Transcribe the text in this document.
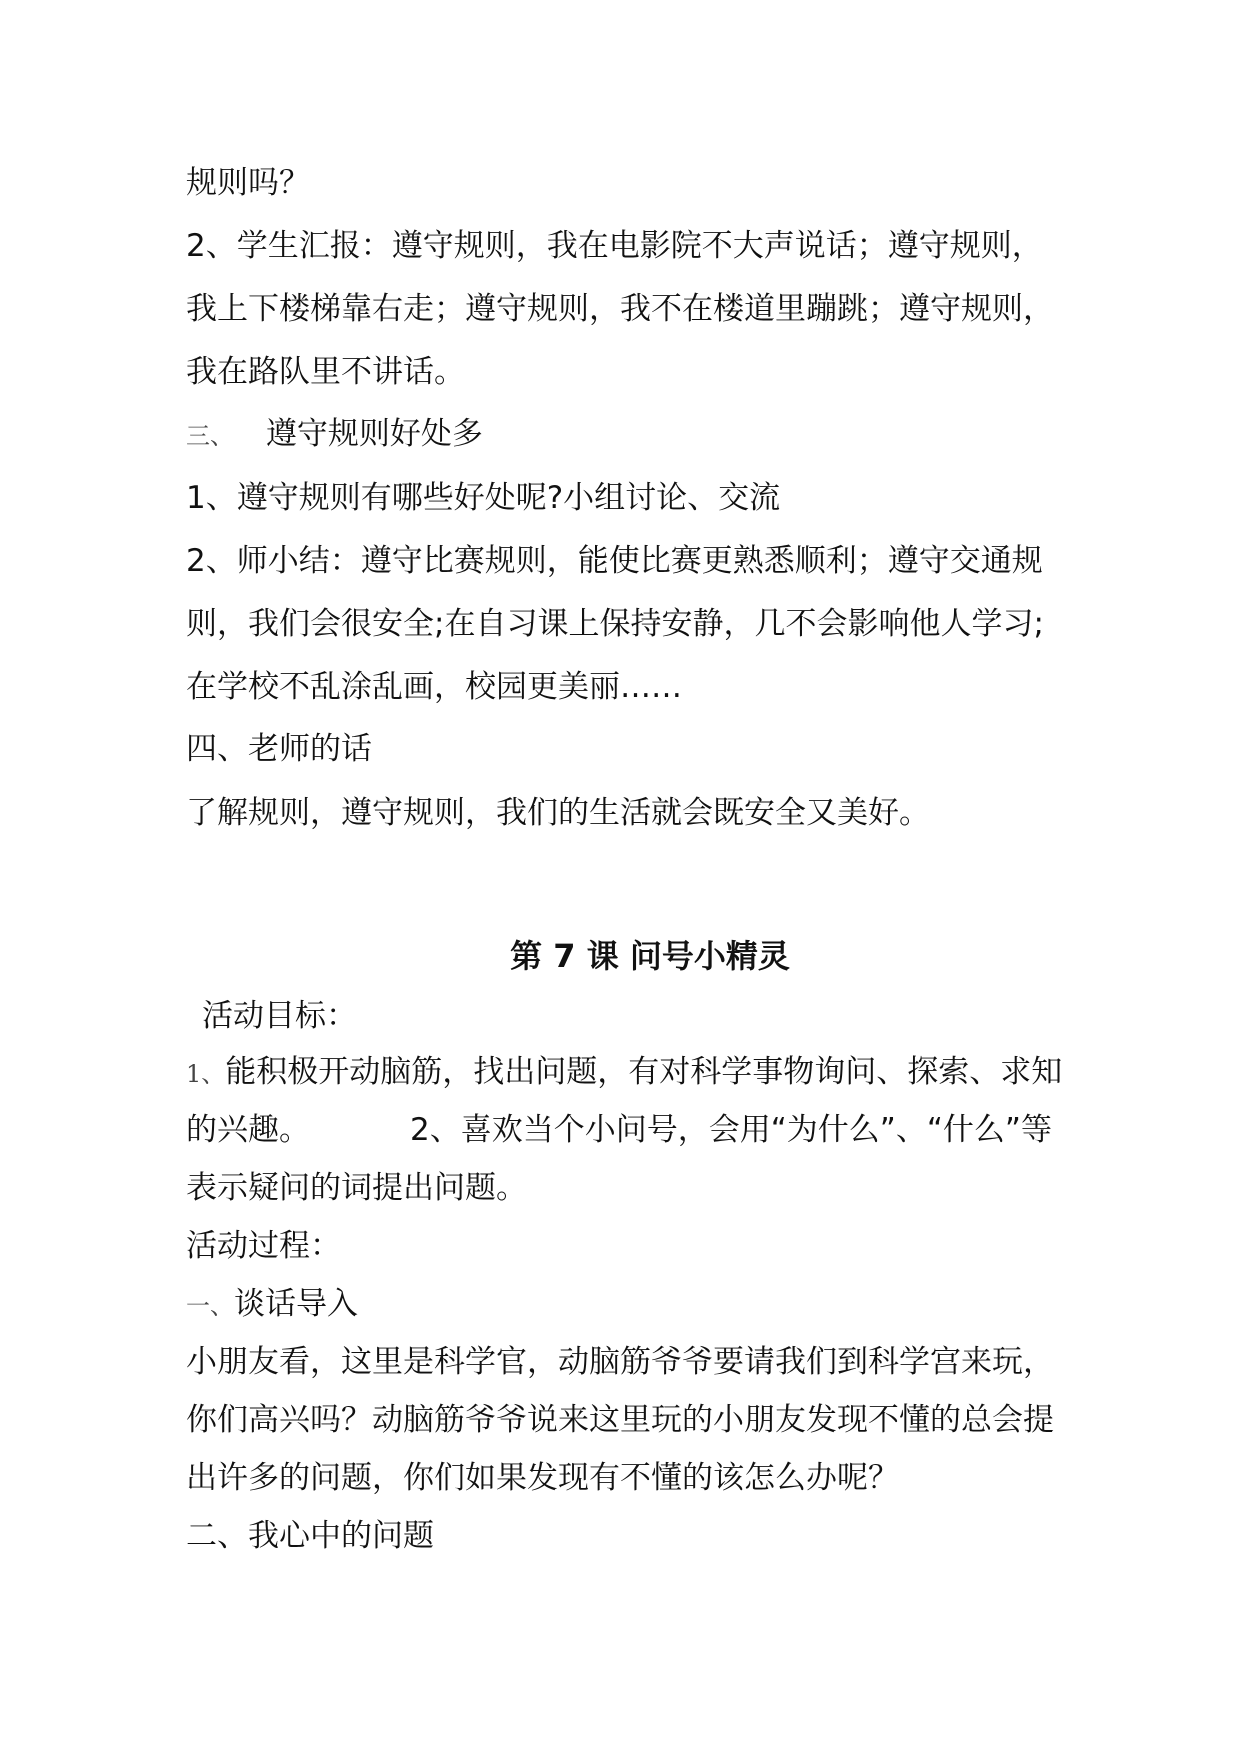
规则吗？
2、学生汇报：遵守规则，我在电影院不大声说话；遵守规则，
我上下楼梯靠右走；遵守规则，我不在楼道里蹦跳；遵守规则，
我在路队里不讲话。
三、 遵守规则好处多
1、遵守规则有哪些好处呢?小组讨论、交流
2、师小结：遵守比赛规则，能使比赛更熟悉顺利；遵守交通规
则，我们会很安全;在自习课上保持安静，几不会影响他人学习;
在学校不乱涂乱画，校园更美丽……
四、老师的话
了解规则，遵守规则，我们的生活就会既安全又美好。
第 7 课 问号小精灵
活动目标：
1、能积极开动脑筋，找出问题，有对科学事物询问、探索、求知
的兴趣。	2、喜欢当个小问号，会用“为什么”、“什么”等
表示疑问的词提出问题。
活动过程：
一、谈话导入
小朋友看，这里是科学官，动脑筋爷爷要请我们到科学宫来玩，
你们高兴吗？动脑筋爷爷说来这里玩的小朋友发现不懂的总会提
出许多的问题，你们如果发现有不懂的该怎么办呢？
二、我心中的问题
